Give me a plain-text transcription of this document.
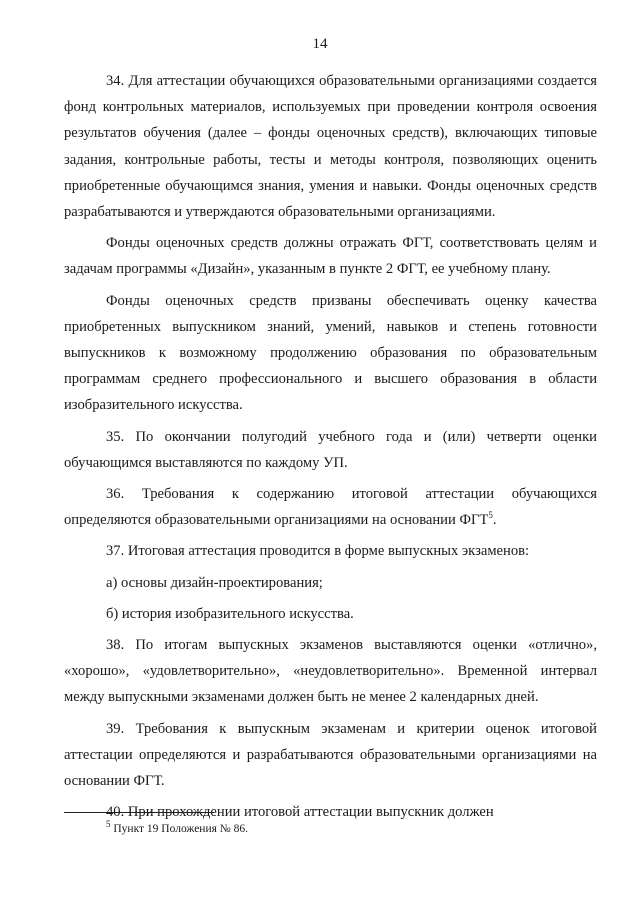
14

34. Для аттестации обучающихся образовательными организациями создается фонд контрольных материалов, используемых при проведении контроля освоения результатов обучения (далее – фонды оценочных средств), включающих типовые задания, контрольные работы, тесты и методы контроля, позволяющих оценить приобретенные обучающимся знания, умения и навыки. Фонды оценочных средств разрабатываются и утверждаются образовательными организациями.

Фонды оценочных средств должны отражать ФГТ, соответствовать целям и задачам программы «Дизайн», указанным в пункте 2 ФГТ, ее учебному плану.

Фонды оценочных средств призваны обеспечивать оценку качества приобретенных выпускником знаний, умений, навыков и степень готовности выпускников к возможному продолжению образования по образовательным программам среднего профессионального и высшего образования в области изобразительного искусства.

35. По окончании полугодий учебного года и (или) четверти оценки обучающимся выставляются по каждому УП.

36. Требования к содержанию итоговой аттестации обучающихся определяются образовательными организациями на основании ФГТ$^5$.

37. Итоговая аттестация проводится в форме выпускных экзаменов:

а) основы дизайн-проектирования;

б) история изобразительного искусства.

38. По итогам выпускных экзаменов выставляются оценки «отлично», «хорошо», «удовлетворительно», «неудовлетворительно». Временной интервал между выпускными экзаменами должен быть не менее 2 календарных дней.

39. Требования к выпускным экзаменам и критерии оценок итоговой аттестации определяются и разрабатываются образовательными организациями на основании ФГТ.

40. При прохождении итоговой аттестации выпускник должен

$^5$ Пункт 19 Положения № 86.
